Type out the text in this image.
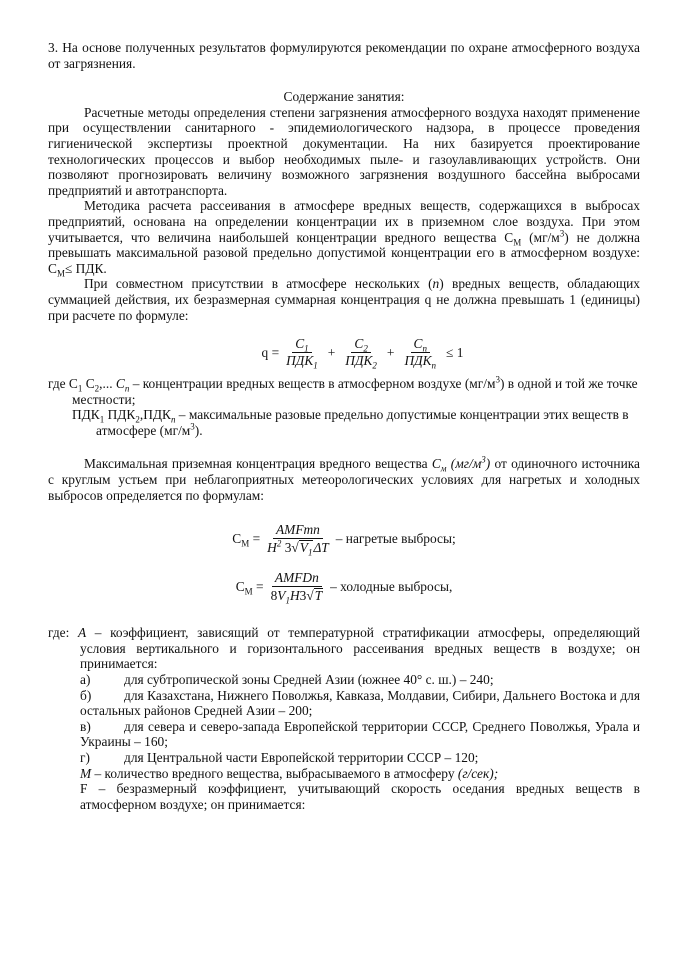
3. На основе полученных результатов формулируются рекомендации по охране атмосферного воздуха от загрязнения.

Содержание занятия:

Расчетные методы определения степени загрязнения атмосферного воздуха находят применение при осуществлении санитарного - эпидемиологического надзора, в процессе проведения гигиенической экспертизы проектной документации. На них базируется проектирование технологических процессов и выбор необходимых пыле- и газоулавливающих устройств. Они позволяют прогнозировать величину возможного загрязнения воздушного бассейна выбросами предприятий и автотранспорта.

Методика расчета рассеивания в атмосфере вредных веществ, содержащихся в выбросах предприятий, основана на определении концентрации их в приземном слое воздуха. При этом учитывается, что величина наибольшей концентрации вредного вещества $С_М$ $(мг/м^3)$ не должна превышать максимальной разовой предельно допустимой концентрации его в атмосферном воздухе: $С_М\le$ ПДК.

При совместном присутствии в атмосфере нескольких (n) вредных веществ, обладающих суммацией действия, их безразмерная суммарная концентрация q не должна превышать 1 (единицы) при расчете по формуле:

$q = \frac{C_1}{ПДК_1} + \frac{C_2}{ПДК_2} + \frac{C_n}{ПДК_n} \le 1$

где $С_1$ $С_2$,... $C_n$ – концентрации вредных веществ в атмосферном воздухе $(мг/м^3)$ в одной и той же точке местности;

$ПДК_1$ $ПДК_2,ПДК_n$ – максимальные разовые предельно допустимые концентрации этих веществ в атмосфере $(мг/м^3)$.

Максимальная приземная концентрация вредного вещества $С_м$ $(мг/м^3)$ от одиночного источника с круглым устьем при неблагоприятных метеорологических условиях для нагретых и холодных выбросов определяется по формулам:

$С_М = \frac{\text{AMFmn}}{H^2 3√V_1\Delta T}$ – нагретые выбросы;
$С_М = \frac{\text{AMFDn}}{8V_1H3√T}$ – холодные выбросы,

где: А – коэффициент, зависящий от температурной стратификации атмосферы, определяющий условия вертикального и горизонтального рассеивания вредных веществ в воздухе; он принимается:

а)	для субтропической зоны Средней Азии (южнее 40° с. ш.) – 240;

б) для Казахстана, Нижнего Поволжья, Кавказа, Молдавии, Сибири, Дальнего Востока и для остальных районов Средней Азии – 200;

в) для севера и северо-запада Европейской территории СССР, Среднего Поволжья, Урала и Украины – 160;

г)	для Центральной части Европейской территории СССР – 120;

М – количество вредного вещества, выбрасываемого в атмосферу (г/сек);

F – безразмерный коэффициент, учитывающий скорость оседания вредных веществ в атмосферном воздухе; он принимается:
